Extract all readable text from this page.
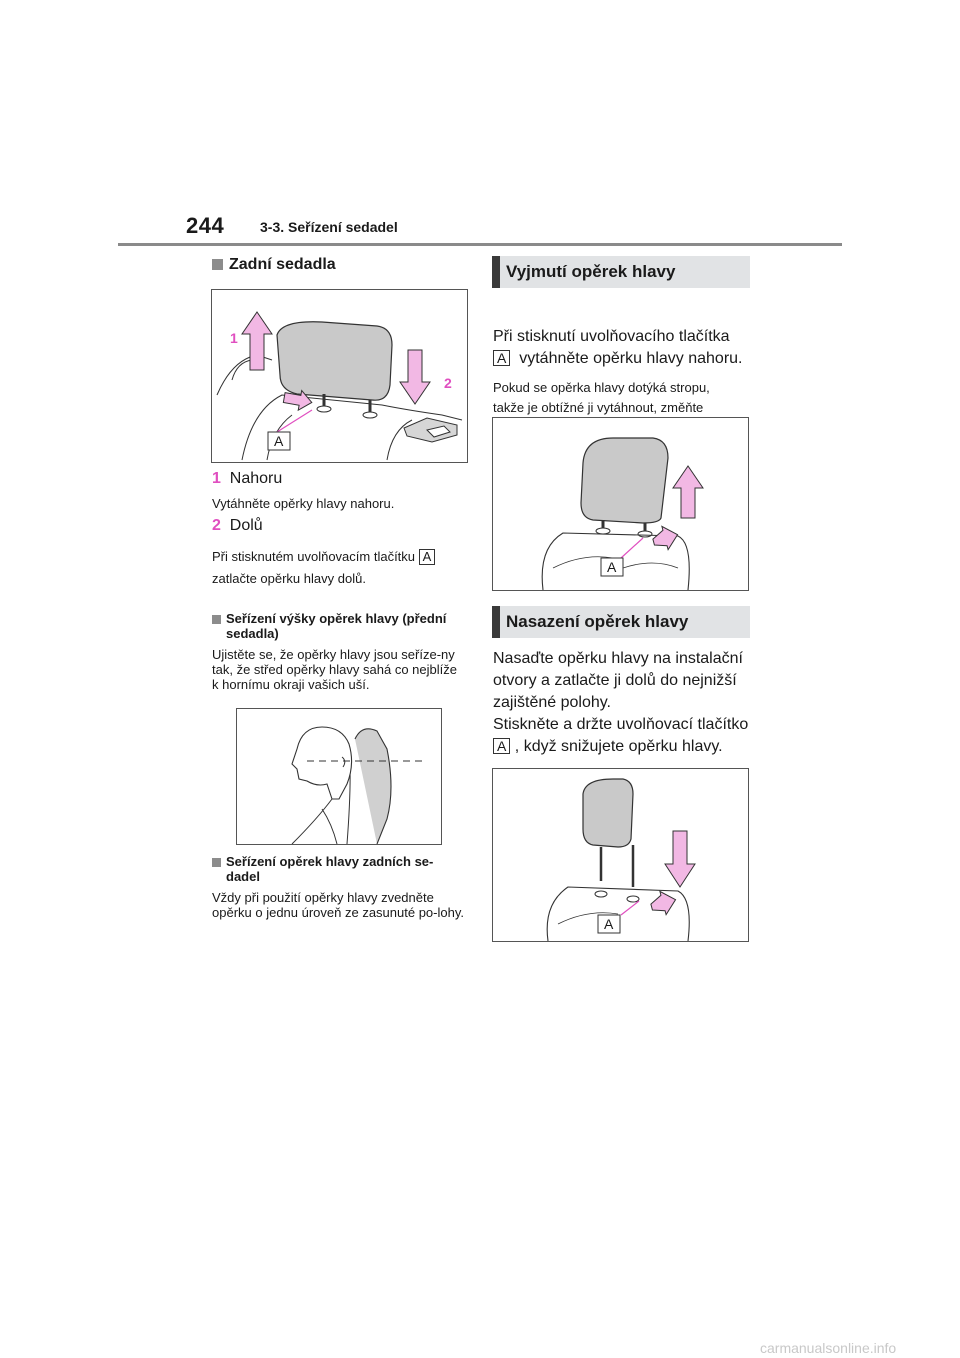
244	3-3. Seřízení sedadel
Zadní sedadla
1
2
A
1 Nahoru
Vytáhněte opěrky hlavy nahoru.
2 Dolů
Při stisknutém uvolňovacím tlačítku A
zatlačte opěrku hlavy dolů.
Seřízení výšky opěrek hlavy (přední sedadla)
Ujistěte se, že opěrky hlavy jsou seříze-ny tak, že střed opěrky hlavy sahá co nejblíže k hornímu okraji vašich uší.
Seřízení opěrek hlavy zadních se-dadel
Vždy při použití opěrky hlavy zvedněte opěrku o jednu úroveň ze zasunuté po-lohy.
Vyjmutí opěrek hlavy
Při stisknutí uvolňovacího tlačítka
A vytáhněte opěrku hlavy nahoru.
Pokud se opěrka hlavy dotýká stropu, takže je obtížné ji vytáhnout, změňte
A
Nasazení opěrek hlavy
Nasaďte opěrku hlavy na instalační otvory a zatlačte ji dolů do nejnižší zajištěné polohy.
Stiskněte a držte uvolňovací tlačítko
A , když snižujete opěrku hlavy.
A
carmanualsonline.info
